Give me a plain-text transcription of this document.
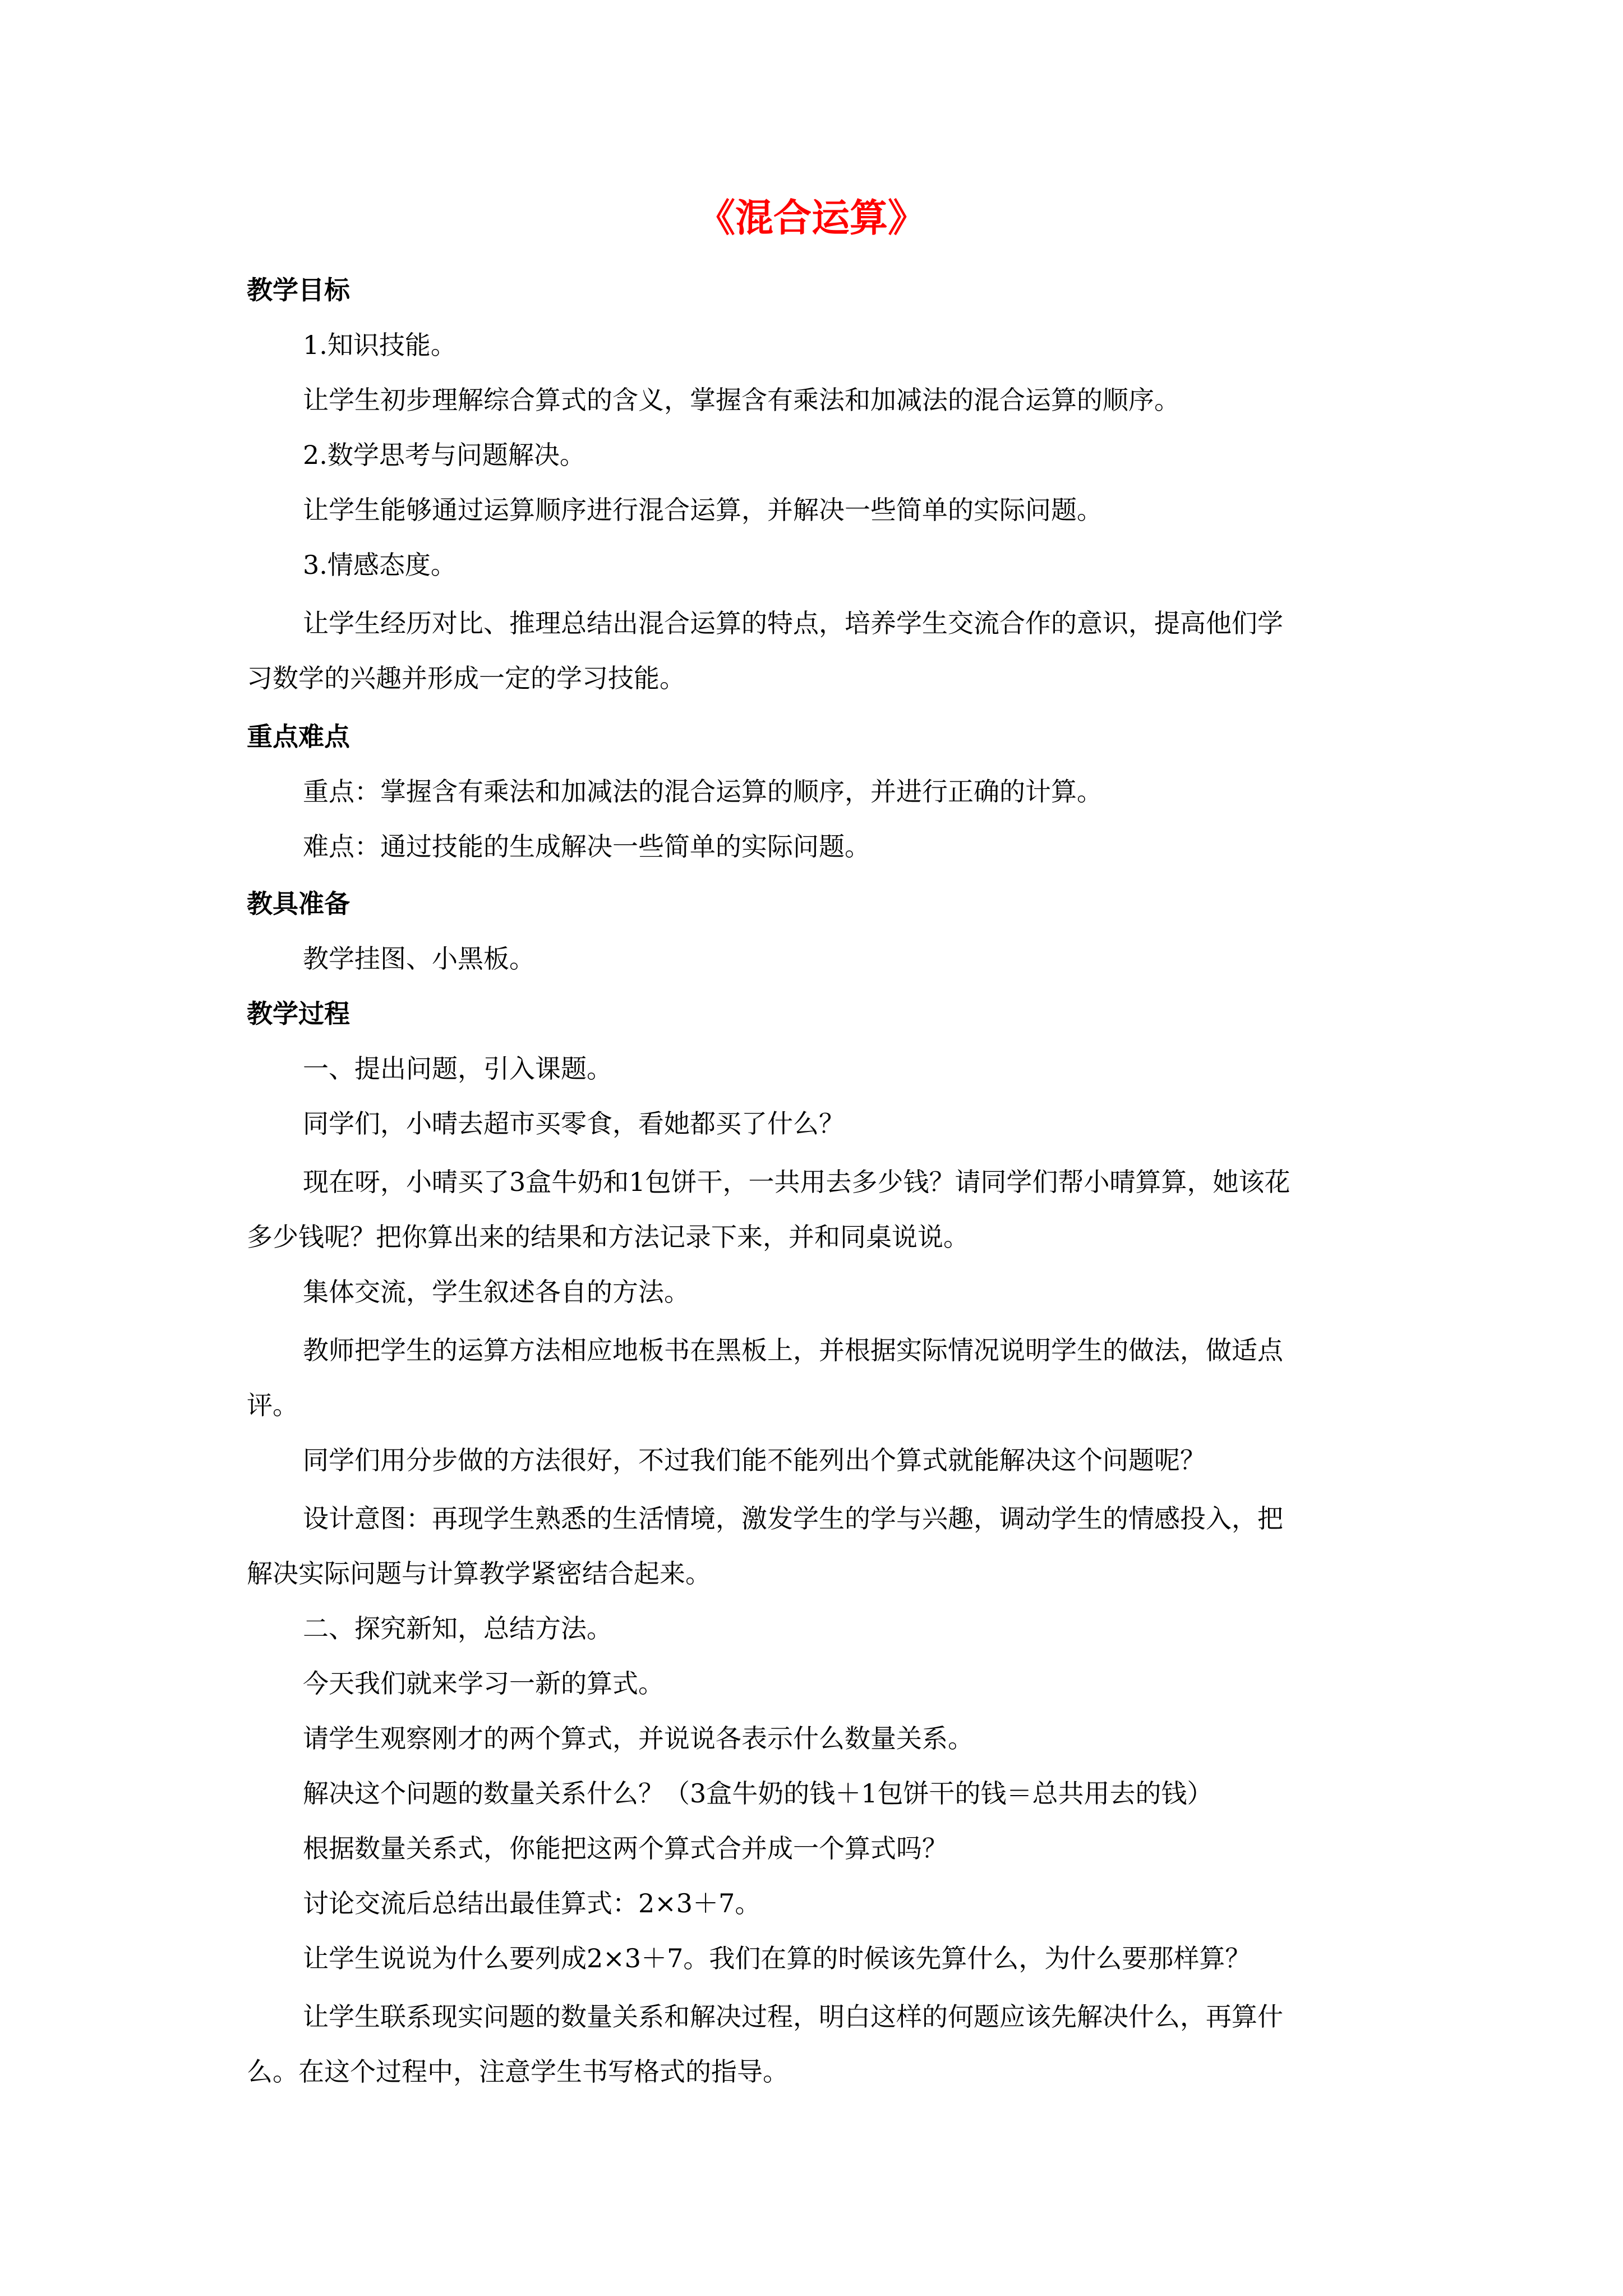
《混合运算》
教学目标
1.知识技能。
让学生初步理解综合算式的含义，掌握含有乘法和加减法的混合运算的顺序。
2.数学思考与问题解决。
让学生能够通过运算顺序进行混合运算，并解决一些简单的实际问题。
3.情感态度。
让学生经历对比、推理总结出混合运算的特点，培养学生交流合作的意识，提高他们学
习数学的兴趣并形成一定的学习技能。
重点难点
重点：掌握含有乘法和加减法的混合运算的顺序，并进行正确的计算。
难点：通过技能的生成解决一些简单的实际问题。
教具准备
教学挂图、小黑板。
教学过程
一、提出问题，引入课题。
同学们，小晴去超市买零食，看她都买了什么？
现在呀，小晴买了3盒牛奶和1包饼干，一共用去多少钱？请同学们帮小晴算算，她该花
多少钱呢？把你算出来的结果和方法记录下来，并和同桌说说。
集体交流，学生叙述各自的方法。
教师把学生的运算方法相应地板书在黑板上，并根据实际情况说明学生的做法，做适点
评。
同学们用分步做的方法很好，不过我们能不能列出个算式就能解决这个问题呢？
设计意图：再现学生熟悉的生活情境，激发学生的学与兴趣，调动学生的情感投入，把
解决实际问题与计算教学紧密结合起来。
二、探究新知，总结方法。
今天我们就来学习一新的算式。
请学生观察刚才的两个算式，并说说各表示什么数量关系。
解决这个问题的数量关系什么？（3盒牛奶的钱＋1包饼干的钱＝总共用去的钱）
根据数量关系式，你能把这两个算式合并成一个算式吗？
讨论交流后总结出最佳算式：2×3＋7。
让学生说说为什么要列成2×3＋7。我们在算的时候该先算什么，为什么要那样算？
让学生联系现实问题的数量关系和解决过程，明白这样的何题应该先解决什么，再算什
么。在这个过程中，注意学生书写格式的指导。
